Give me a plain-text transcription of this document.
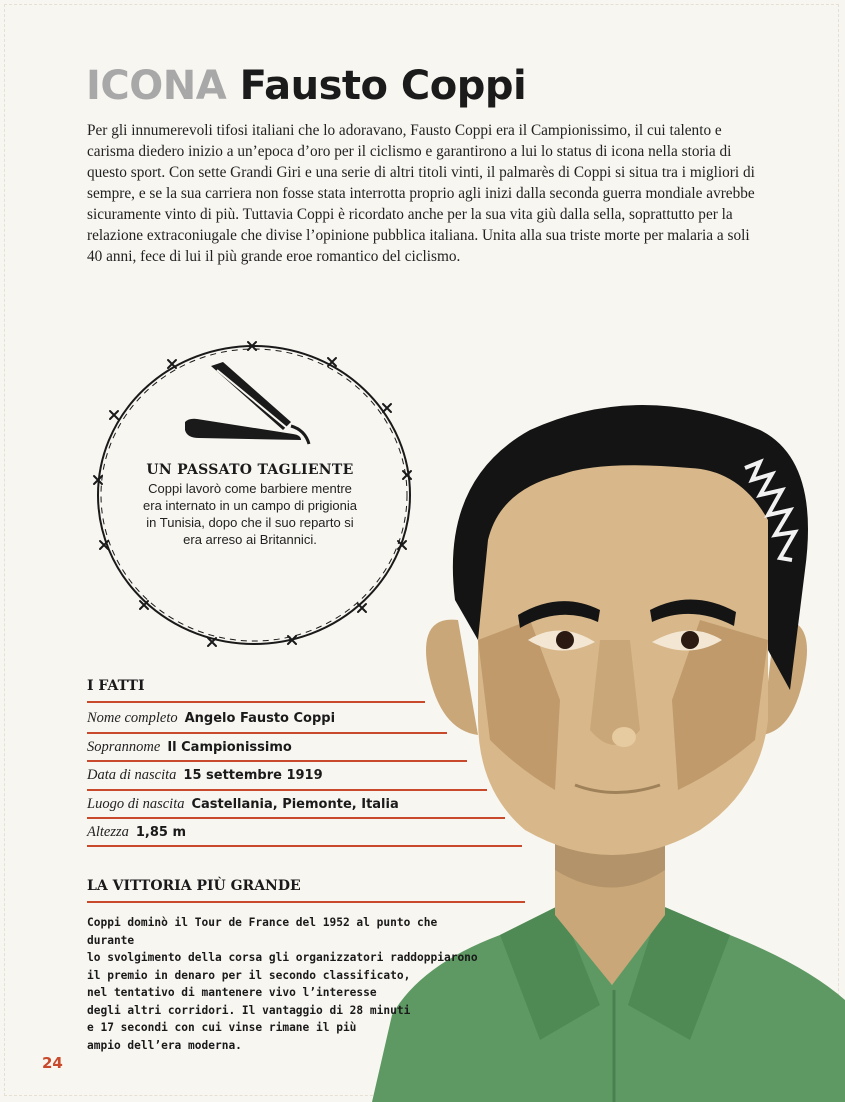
ICONA Fausto Coppi

Per gli innumerevoli tifosi italiani che lo adoravano, Fausto Coppi era il Campionissimo, il cui talento e carisma diedero inizio a un’epoca d’oro per il ciclismo e garantirono a lui lo status di icona nella storia di questo sport. Con sette Grandi Giri e una serie di altri titoli vinti, il palmarès di Coppi si situa tra i migliori di sempre, e se la sua carriera non fosse stata interrotta proprio agli inizi dalla seconda guerra mondiale avrebbe sicuramente vinto di più. Tuttavia Coppi è ricordato anche per la sua vita giù dalla sella, soprattutto per la relazione extraconiugale che divise l’opinione pubblica italiana. Unita alla sua triste morte per malaria a soli 40 anni, fece di lui il più grande eroe romantico del ciclismo.

UN PASSATO TAGLIENTE

Coppi lavorò come barbiere mentre era internato in un campo di prigionia in Tunisia, dopo che il suo reparto si era arreso ai Britannici.

I FATTI

Nome completo Angelo Fausto Coppi
Soprannome Il Campionissimo
Data di nascita 15 settembre 1919
Luogo di nascita Castellania, Piemonte, Italia
Altezza 1,85 m

LA VITTORIA PIÙ GRANDE

Coppi dominò il Tour de France del 1952 al punto che durante
lo svolgimento della corsa gli organizzatori raddoppiarono
il premio in denaro per il secondo classificato,
nel tentativo di mantenere vivo l’interesse
degli altri corridori. Il vantaggio di 28 minuti
e 17 secondi con cui vinse rimane il più
ampio dell’era moderna.

24
